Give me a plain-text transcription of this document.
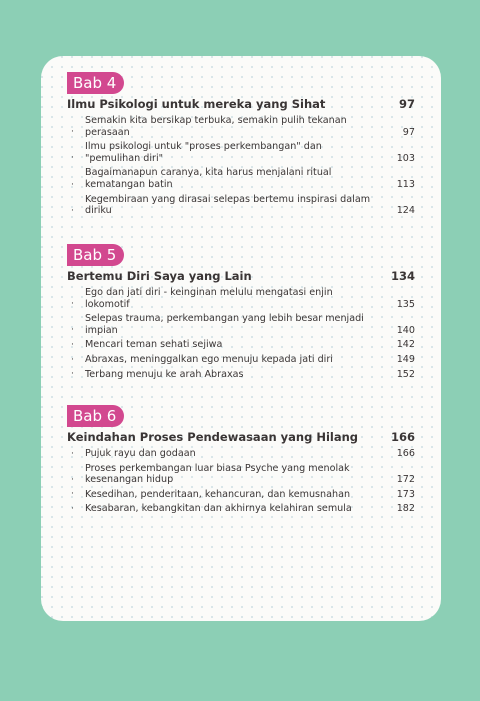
Bab 4
Ilmu Psikologi untuk mereka yang Sihat	97
·
Semakin kita bersikap terbuka, semakin pulih tekanan perasaan	97
·
Ilmu psikologi untuk "proses perkembangan" dan "pemulihan diri"	103
·
Bagaimanapun caranya, kita harus menjalani ritual kematangan batin	113
·
Kegembiraan yang dirasai selepas bertemu inspirasi dalam diriku	124
Bab 5
Bertemu Diri Saya yang Lain	134
·
Ego dan jati diri - keinginan melulu mengatasi enjin lokomotif	135
·
Selepas trauma, perkembangan yang lebih besar menjadi impian	140
·	Mencari teman sehati sejiwa	142
·	Abraxas, meninggalkan ego menuju kepada jati diri	149
·	Terbang menuju ke arah Abraxas	152
Bab 6
Keindahan Proses Pendewasaan yang Hilang	166
·	Pujuk rayu dan godaan	166
·
Proses perkembangan luar biasa Psyche yang menolak kesenangan hidup	172
·	Kesedihan, penderitaan, kehancuran, dan kemusnahan	173
·	Kesabaran, kebangkitan dan akhirnya kelahiran semula	182
